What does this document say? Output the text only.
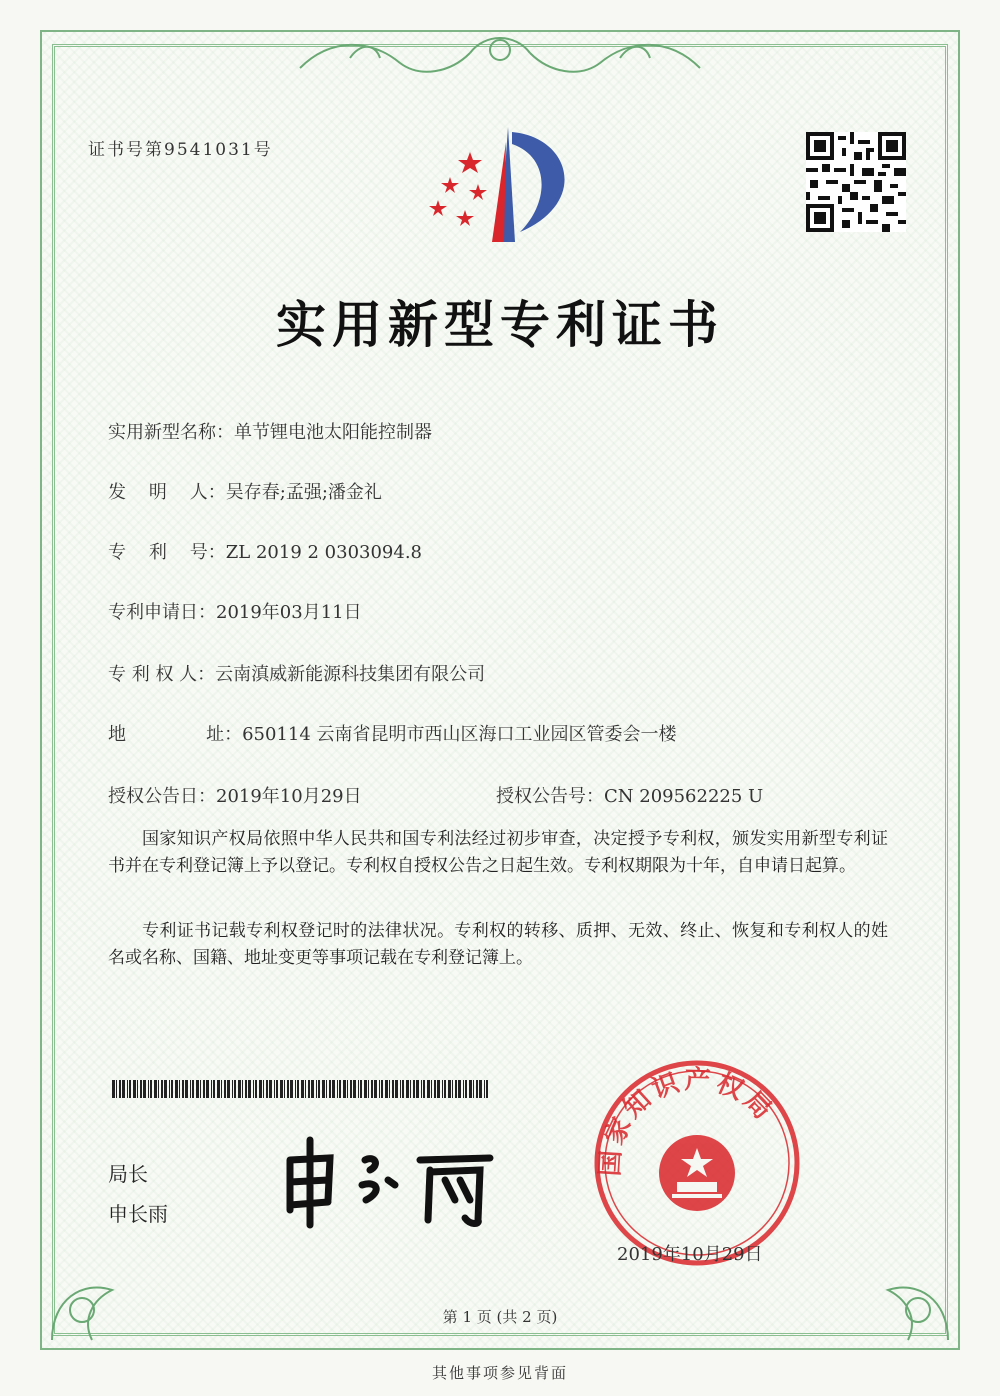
证书号第9541031号
实用新型专利证书
实用新型名称：单节锂电池太阳能控制器
发    明    人：吴存春;孟强;潘金礼
专    利    号：ZL 2019 2 0303094.8
专利申请日：2019年03月11日
专 利 权 人：云南滇威新能源科技集团有限公司
地              址：650114 云南省昆明市西山区海口工业园区管委会一楼
授权公告日：2019年10月29日	授权公告号：CN 209562225 U
国家知识产权局依照中华人民共和国专利法经过初步审查，决定授予专利权，颁发实用新型专利证书并在专利登记簿上予以登记。专利权自授权公告之日起生效。专利权期限为十年，自申请日起算。
专利证书记载专利权登记时的法律状况。专利权的转移、质押、无效、终止、恢复和专利权人的姓名或名称、国籍、地址变更等事项记载在专利登记簿上。
局长
申长雨
国家知识产权局
2019年10月29日
第 1 页 (共 2 页)
其他事项参见背面
